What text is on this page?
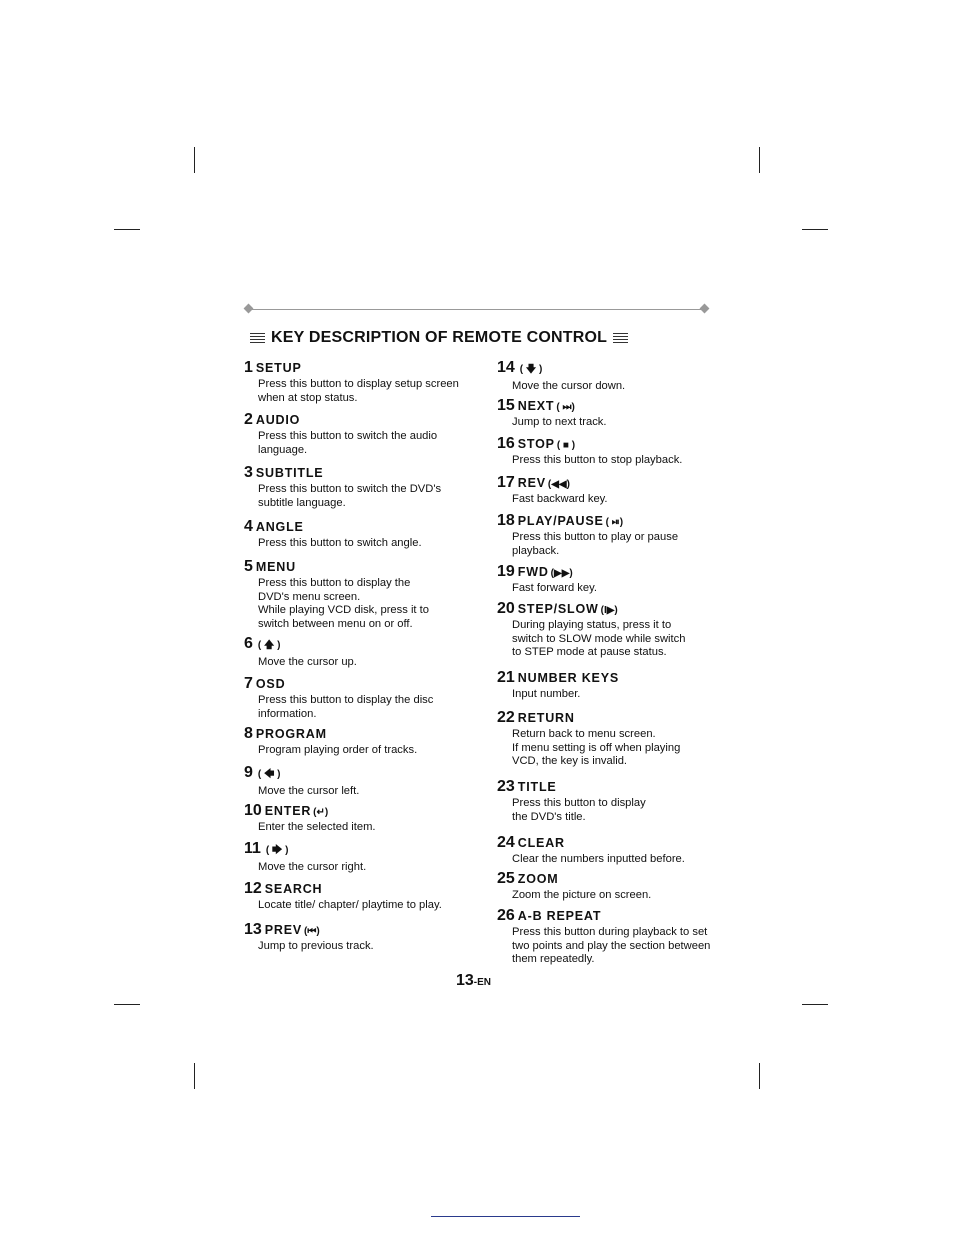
KEY DESCRIPTION OF REMOTE CONTROL
1 SETUP
Press this button to display setup screen
when at stop status.
2 AUDIO
Press this button to switch the audio
language.
3 SUBTITLE
Press this button to switch the DVD's
subtitle language.
4 ANGLE
Press this button to switch angle.
5 MENU
Press this button to display the
DVD's menu screen.
While playing VCD disk, press it to
switch between menu on or off.
6 ( 🡅 )
Move the cursor up.
7 OSD
Press this button to display the disc
information.
8 PROGRAM
Program playing order of tracks.
9 ( 🡄 )
Move the cursor left.
10 ENTER (↵)
Enter the selected item.
11 ( 🡆 )
Move the cursor right.
12 SEARCH
Locate title/ chapter/ playtime to play.
13 PREV (⏮)
Jump to previous track.
14 ( 🡇 )
Move the cursor down.
15 NEXT ( ⏭)
Jump to next track.
16 STOP ( ■ )
Press this button to stop playback.
17 REV (◀◀)
Fast backward key.
18 PLAY/PAUSE ( ⏯)
Press this button to play or pause
playback.
19 FWD (▶▶)
Fast forward key.
20 STEP/SLOW (I▶)
During playing status, press it to
switch to SLOW mode while switch
to STEP mode at pause status.
21 NUMBER KEYS
Input number.
22 RETURN
Return back to menu screen.
If menu setting is off when playing
VCD, the key is invalid.
23 TITLE
Press this button to display
the DVD's title.
24 CLEAR
Clear the numbers inputted before.
25 ZOOM
Zoom the picture on screen.
26 A-B REPEAT
Press this button during playback to set
two points and play the section between
them repeatedly.
13-EN
